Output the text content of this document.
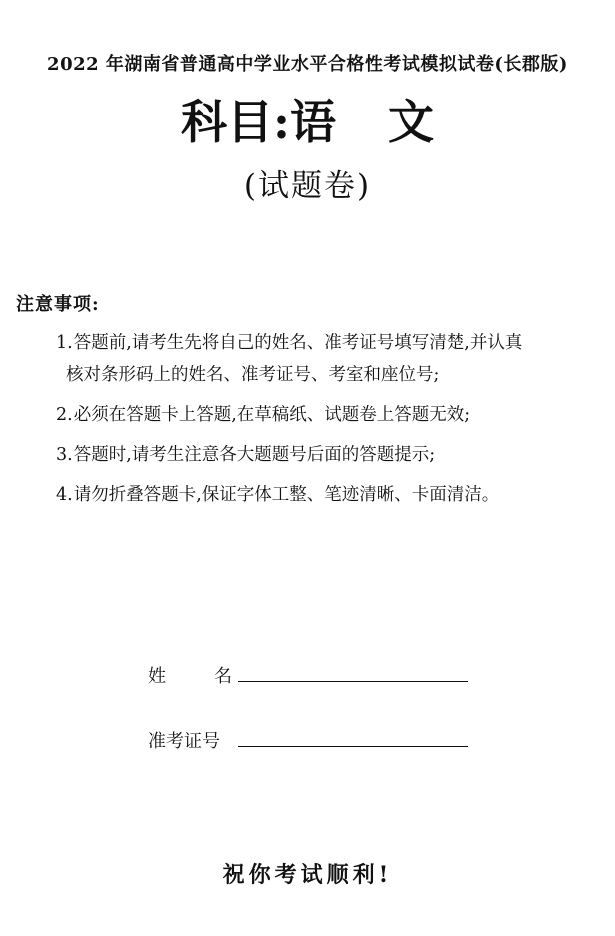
2022 年湖南省普通高中学业水平合格性考试模拟试卷(长郡版)
科目:语 文
(试题卷)
注意事项:
1.答题前,请考生先将自己的姓名、准考证号填写清楚,并认真
核对条形码上的姓名、准考证号、考室和座位号;
2.必须在答题卡上答题,在草稿纸、试题卷上答题无效;
3.答题时,请考生注意各大题题号后面的答题提示;
4.请勿折叠答题卡,保证字体工整、笔迹清晰、卡面清洁。
姓	名
准考证号
祝你考试顺利!
